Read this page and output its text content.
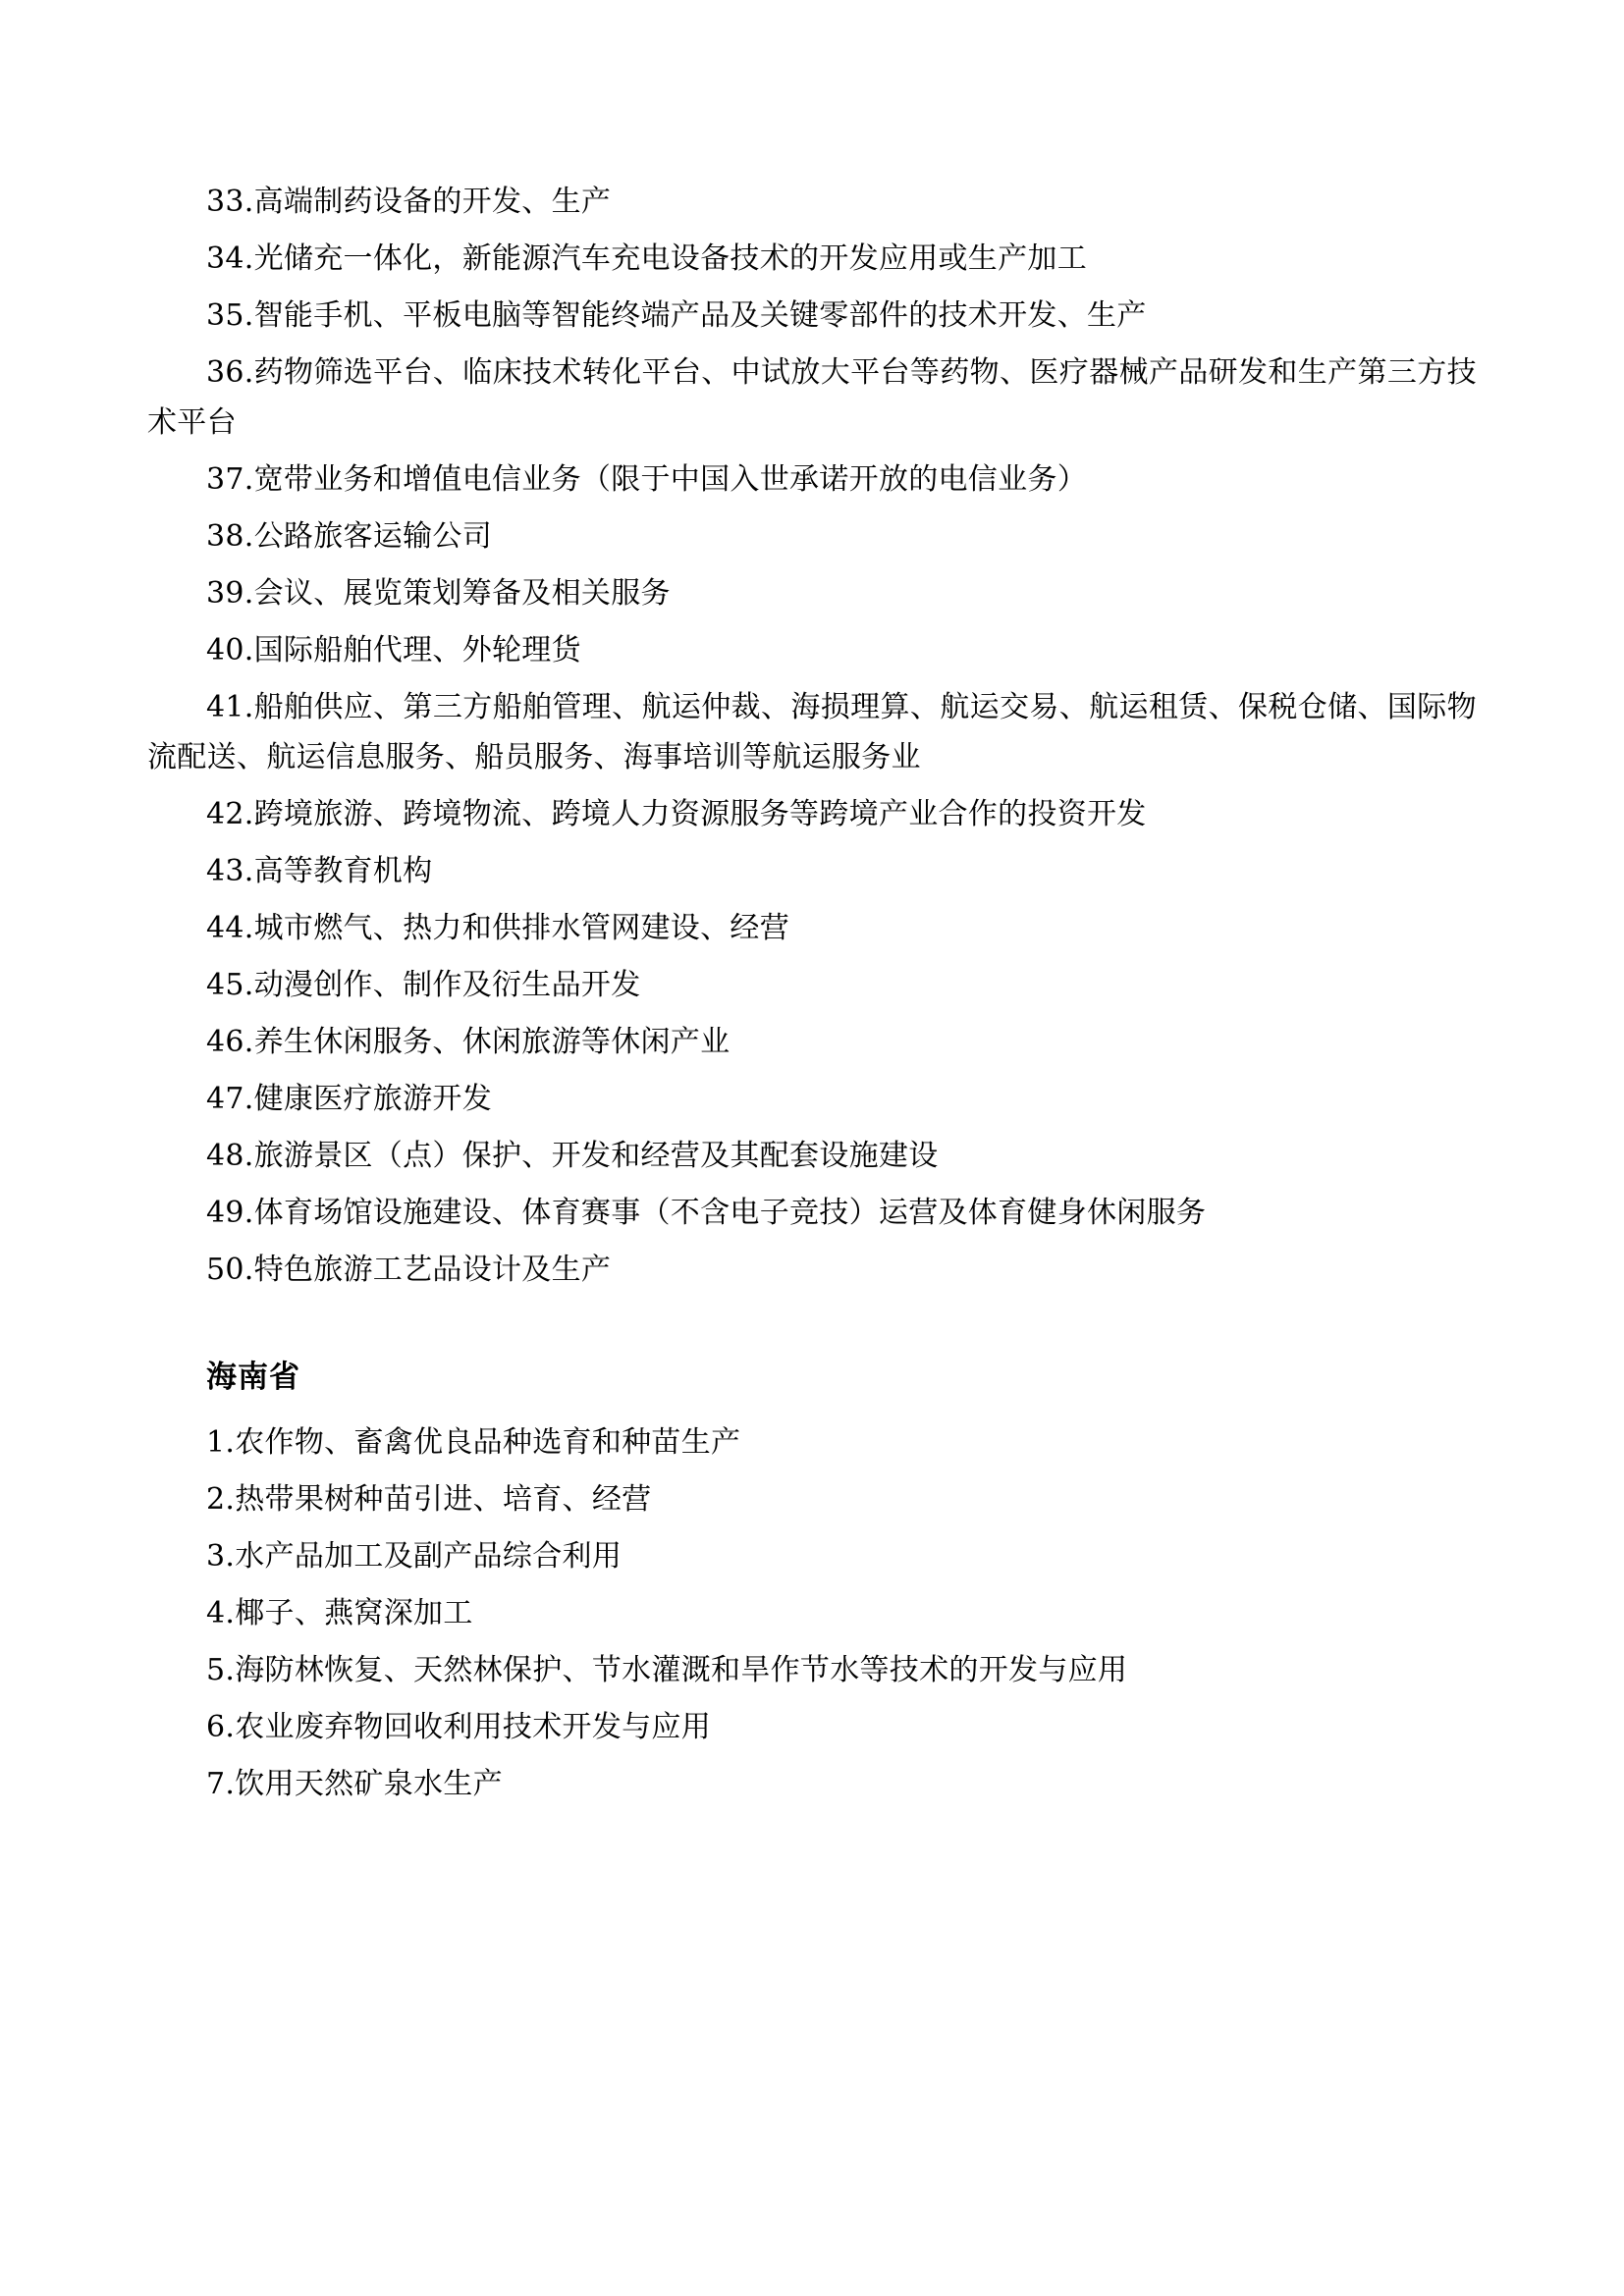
33.高端制药设备的开发、生产

34.光储充一体化，新能源汽车充电设备技术的开发应用或生产加工

35.智能手机、平板电脑等智能终端产品及关键零部件的技术开发、生产

36.药物筛选平台、临床技术转化平台、中试放大平台等药物、医疗器械产品研发和生产第三方技术平台

37.宽带业务和增值电信业务（限于中国入世承诺开放的电信业务）

38.公路旅客运输公司

39.会议、展览策划筹备及相关服务

40.国际船舶代理、外轮理货

41.船舶供应、第三方船舶管理、航运仲裁、海损理算、航运交易、航运租赁、保税仓储、国际物流配送、航运信息服务、船员服务、海事培训等航运服务业

42.跨境旅游、跨境物流、跨境人力资源服务等跨境产业合作的投资开发

43.高等教育机构

44.城市燃气、热力和供排水管网建设、经营

45.动漫创作、制作及衍生品开发

46.养生休闲服务、休闲旅游等休闲产业

47.健康医疗旅游开发

48.旅游景区（点）保护、开发和经营及其配套设施建设

49.体育场馆设施建设、体育赛事（不含电子竞技）运营及体育健身休闲服务

50.特色旅游工艺品设计及生产

海南省

1.农作物、畜禽优良品种选育和种苗生产

2.热带果树种苗引进、培育、经营

3.水产品加工及副产品综合利用

4.椰子、燕窝深加工

5.海防林恢复、天然林保护、节水灌溉和旱作节水等技术的开发与应用

6.农业废弃物回收利用技术开发与应用

7.饮用天然矿泉水生产
